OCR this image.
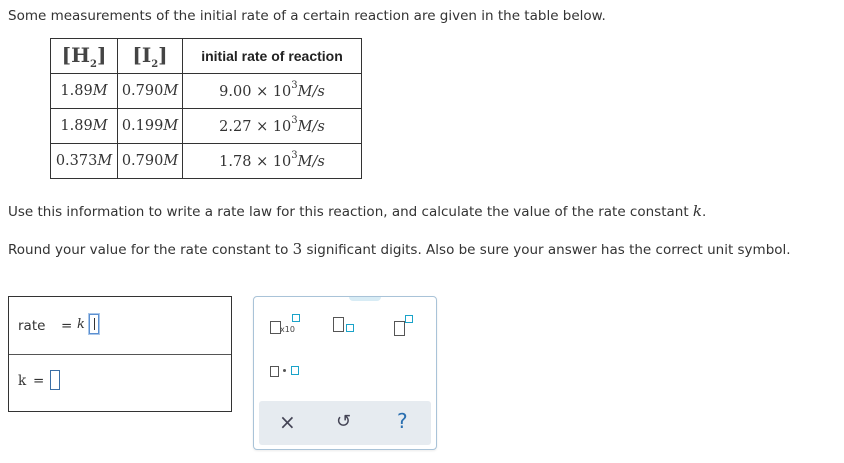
Some measurements of the initial rate of a certain reaction are given in the table below.
$[H_2]$	$[I_2]$	initial rate of reaction
1.89M	0.790M	$9.00 \times 10^3M/s$
1.89M	0.199M	$2.27 \times 10^3M/s$
0.373M	0.790M	$1.78 \times 10^3M/s$
Use this information to write a rate law for this reaction, and calculate the value of the rate constant k.
Round your value for the rate constant to 3 significant digits. Also be sure your answer has the correct unit symbol.
rate = k
k =
x10
× ↺ ?
